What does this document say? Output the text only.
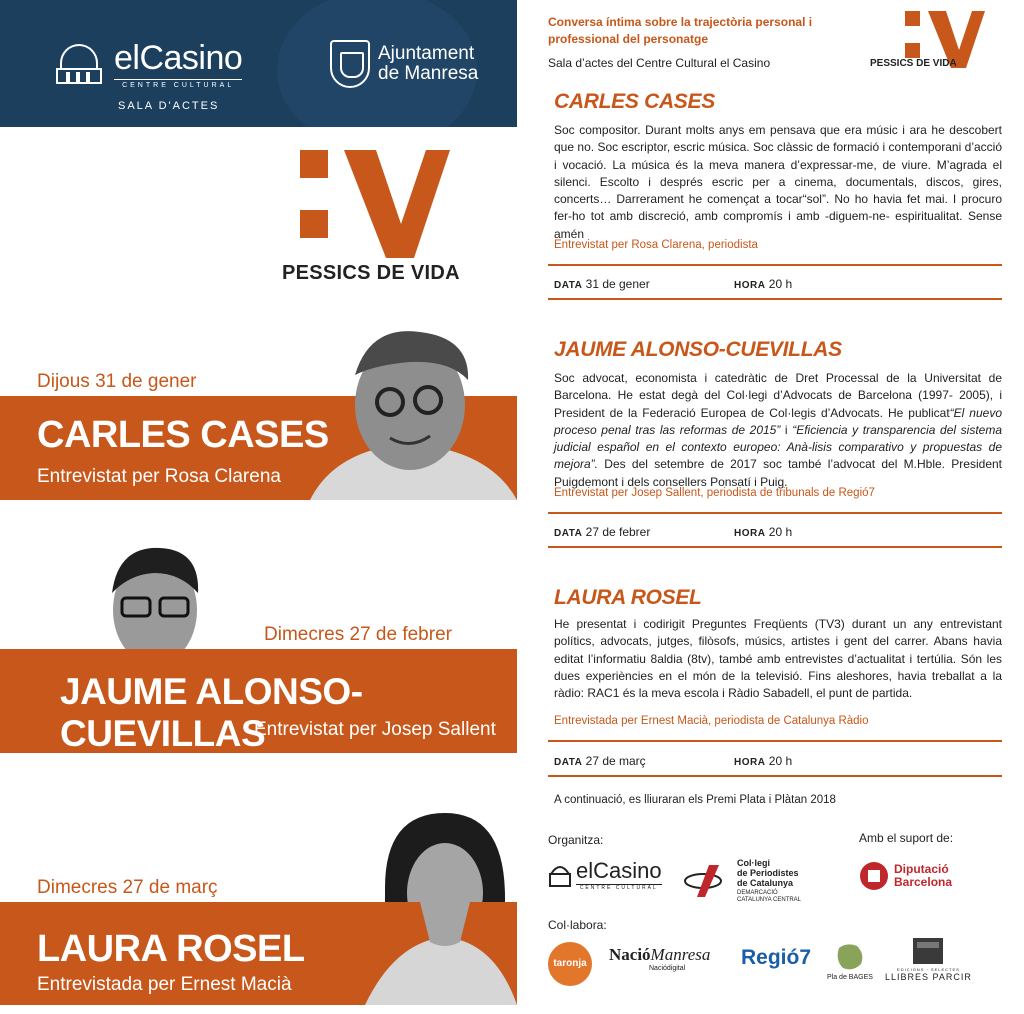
elCasino
CENTRE CULTURAL
SALA D'ACTES
Ajuntament
de Manresa
PESSICS DE VIDA
Dijous 31 de gener
CARLES CASES
Entrevistat per Rosa Clarena
Dimecres 27 de febrer
JAUME ALONSO-CUEVILLAS
Entrevistat per Josep Sallent
Dimecres 27 de març
LAURA ROSEL
Entrevistada per Ernest Macià
Conversa íntima sobre la trajectòria personal i professional del personatge
Sala d’actes del Centre Cultural el Casino	PESSICS DE VIDA
CARLES CASES
Soc compositor. Durant molts anys em pensava que era músic i ara he descobert que no. Soc escriptor, escric música. Soc clàssic de formació i contemporani d’acció i vocació. La música és la meva manera d’expressar-me, de viure. M’agrada el silenci. Escolto i després escric per a cinema, documentals, discos, gires, concerts… Darrerament he començat a tocar“sol”. No ho havia fet mai. I procuro fer-ho tot amb discreció, amb compromís i amb -diguem-ne- espiritualitat. Sense amén
Entrevistat per Rosa Clarena, periodista
DATA 31 de gener	HORA 20 h
JAUME ALONSO-CUEVILLAS
Soc advocat, economista i catedràtic de Dret Processal de la Universitat de Barcelona. He estat degà del Col·legi d’Advocats de Barcelona (1997- 2005), i President de la Federació Europea de Col·legis d’Advocats. He publicat“El nuevo proceso penal tras las reformas de 2015” i “Eficiencia y transparencia del sistema judicial español en el contexto europeo: Anà-lisis comparativo y propuestas de mejora”. Des del setembre de 2017 soc també l’advocat del M.Hble. President Puigdemont i dels consellers Ponsatí i Puig.
Entrevistat per Josep Sallent, periodista de tribunals de Regió7
DATA 27 de febrer	HORA 20 h
LAURA ROSEL
He presentat i codirigit Preguntes Freqüents (TV3) durant un any entrevistant polítics, advocats, jutges, filòsofs, músics, artistes i gent del carrer. Abans havia editat l’informatiu 8aldia (8tv), també amb entrevistes d’actualitat i tertúlia. Són les dues experiències en el món de la televisió. Fins aleshores, havia treballat a la ràdio: RAC1 és la meva escola i Ràdio Sabadell, el punt de partida.
Entrevistada per Ernest Macià, periodista de Catalunya Ràdio
DATA 27 de març	HORA 20 h
A continuació, es lliuraran els Premi Plata i Plàtan 2018
Organitza:	Amb el suport de:
elCasino
CENTRE CULTURAL
Col·legi
de Periodistes
de Catalunya
DEMARCACIÓ
CATALUNYA CENTRAL
Diputació
Barcelona
Col·labora:
taronja	NacióManresa
Naciódigital	Regió7
Pla de BAGES
EDICIONS · SELECTES
LLIBRES PARCIR
